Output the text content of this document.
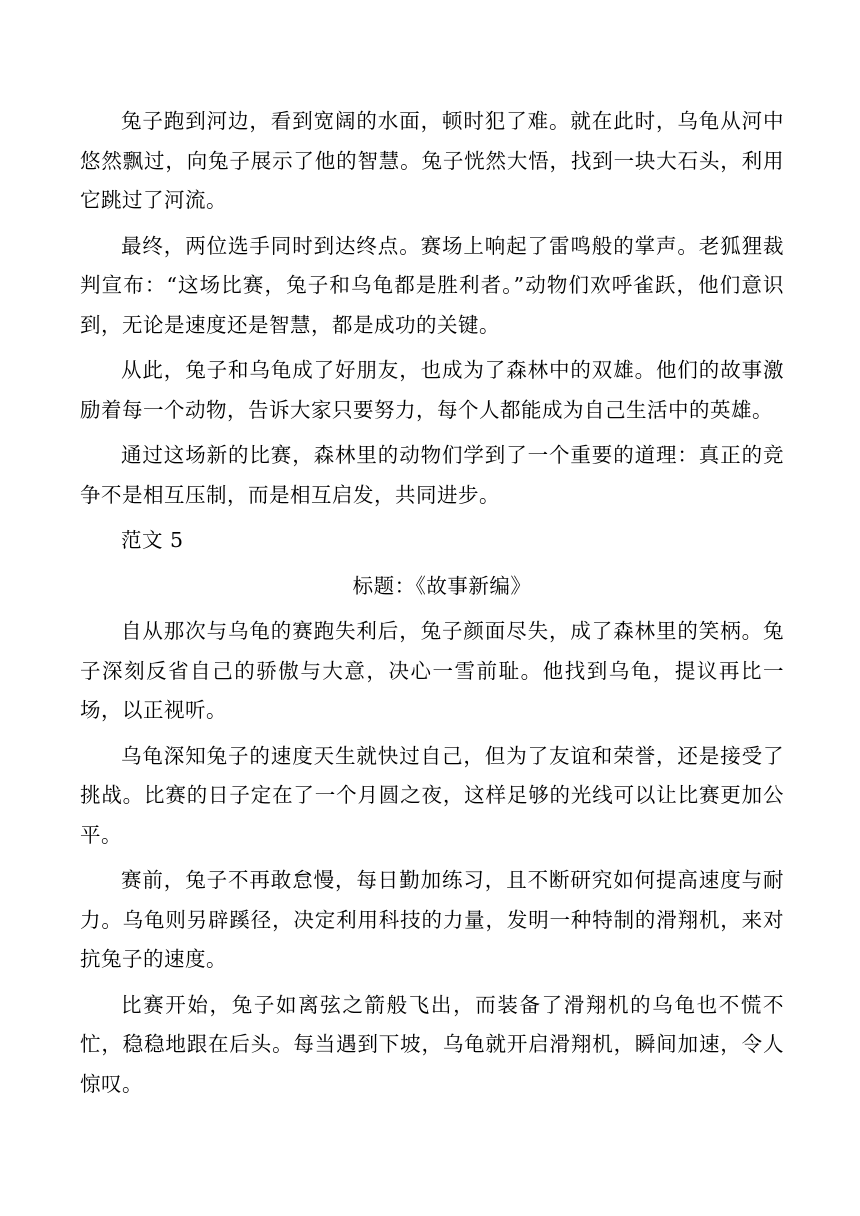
兔子跑到河边，看到宽阔的水面，顿时犯了难。就在此时，乌龟从河中悠然飘过，向兔子展示了他的智慧。兔子恍然大悟，找到一块大石头，利用它跳过了河流。

最终，两位选手同时到达终点。赛场上响起了雷鸣般的掌声。老狐狸裁判宣布：“这场比赛，兔子和乌龟都是胜利者。”动物们欢呼雀跃，他们意识到，无论是速度还是智慧，都是成功的关键。

从此，兔子和乌龟成了好朋友，也成为了森林中的双雄。他们的故事激励着每一个动物，告诉大家只要努力，每个人都能成为自己生活中的英雄。

通过这场新的比赛，森林里的动物们学到了一个重要的道理：真正的竞争不是相互压制，而是相互启发，共同进步。

范文 5

标题：《故事新编》

自从那次与乌龟的赛跑失利后，兔子颜面尽失，成了森林里的笑柄。兔子深刻反省自己的骄傲与大意，决心一雪前耻。他找到乌龟，提议再比一场，以正视听。

乌龟深知兔子的速度天生就快过自己，但为了友谊和荣誉，还是接受了挑战。比赛的日子定在了一个月圆之夜，这样足够的光线可以让比赛更加公平。

赛前，兔子不再敢怠慢，每日勤加练习，且不断研究如何提高速度与耐力。乌龟则另辟蹊径，决定利用科技的力量，发明一种特制的滑翔机，来对抗兔子的速度。

比赛开始，兔子如离弦之箭般飞出，而装备了滑翔机的乌龟也不慌不忙，稳稳地跟在后头。每当遇到下坡，乌龟就开启滑翔机，瞬间加速，令人惊叹。
